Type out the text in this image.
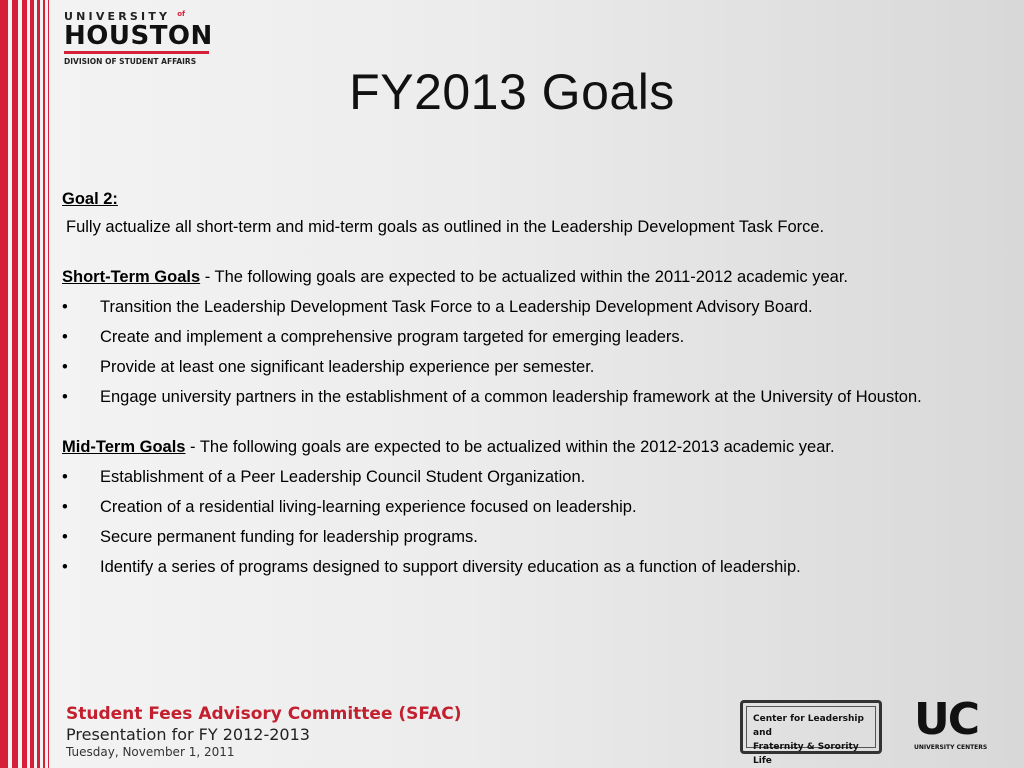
UNIVERSITY $^{of}$
HOUSTON
DIVISION OF STUDENT AFFAIRS
FY2013 Goals

Goal 2:

Fully actualize all short-term and mid-term goals as outlined in the Leadership Development Task Force.

Short-Term Goals - The following goals are expected to be actualized within the 2011-2012 academic year.

• Transition the Leadership Development Task Force to a Leadership Development Advisory Board.
• Create and implement a comprehensive program targeted for emerging leaders.
• Provide at least one significant leadership experience per semester.
• Engage university partners in the establishment of a common leadership framework at the University of Houston.

Mid-Term Goals - The following goals are expected to be actualized within the 2012-2013 academic year.

• Establishment of a Peer Leadership Council Student Organization.
• Creation of a residential living-learning experience focused on leadership.
• Secure permanent funding for leadership programs.
• Identify a series of programs designed to support diversity education as a function of leadership.
Student Fees Advisory Committee (SFAC)
Presentation for FY 2012-2013
Tuesday, November 1, 2011
Center for Leadership and
Fraternity & Sorority Life
UC
UNIVERSITY CENTERS
